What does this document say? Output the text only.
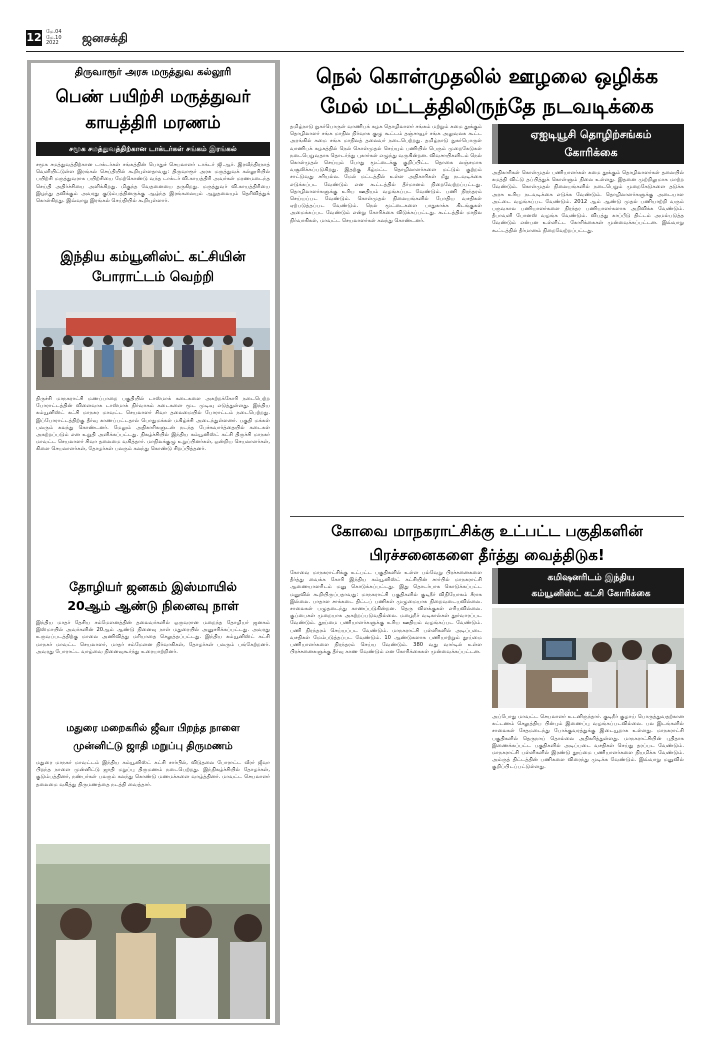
12 மே.04
மே.10
2022	ஜனசக்தி
திருவாரூர் அரசு மருத்துவ கல்லூரி
பெண் பயிற்சி மருத்துவர்
காயத்திரி மரணம்
சமூக சமத்துவத்திற்கான டாக்டர்கள் சங்கம் இரங்கல்
சமூக சமத்துவத்திற்கான டாக்டர்கள் சங்கத்தின் பொதுச் செயலாளர் டாக்டர் ஜி.ஆர். இரவீந்திரநாத் வெளியிட்டுள்ள இரங்கல் செய்தியில் கூறியுள்ளதாவது: திருவாரூர் அரசு மருத்துவக் கல்லூரியில் பயிற்சி மருத்துவராக பயிற்சியை மேற்கொண்டு வந்த டாக்டர் வி.காயத்திரி அவர்கள் மரணமடைந்த செய்தி அதிர்ச்சியை அளிக்கிறது. மிகுந்த வேதனையை தருகிறது. மருத்துவர் வி.காயத்திரியை இழந்து தவிக்கும் அவரது குடும்பத்தினருக்கு ஆழ்ந்த இரங்கலையும் ஆறுதலையும் தெரிவித்துக் கொள்கிறது. இவ்வாறு இரங்கல் செய்தியில் கூறியுள்ளார்.
இந்திய கம்யூனிஸ்ட் கட்சியின்
போராட்டம் வெற்றி
திருச்சி மாநகராட்சி மணப்பாறை பகுதியில் டாஸ்மாக் கடைகளை அகற்றக்கோரி நடைபெற்ற போராட்டத்தின் விளைவாக டாஸ்மாக் நிர்வாகம் கடைகளை மூட முடிவு எடுத்துள்ளது. இந்திய கம்யூனிஸ்ட் கட்சி மாநகர மாவட்ட செயலாளர் சிவா தலைமையில் போராட்டம் நடைபெற்றது. இப்போராட்டத்திற்கு தீர்வு காணப்பட்டதால் பொதுமக்கள் மகிழ்ச்சி அடைந்துள்ளனர். பகுதி மக்கள் பலரும் கலந்து கொண்டனர். மேலும் அதிகாரிகளுடன் நடந்த பேச்சுவார்த்தையில் கடைகள் அகற்றப்படும் என உறுதி அளிக்கப்பட்டது. நிகழ்ச்சியில் இந்திய கம்யூனிஸ்ட் கட்சி திருச்சி மாநகர் மாவட்ட செயலாளர் சிவா தலைமை வகித்தார். மாநிலக்குழு உறுப்பினர்கள், ஒன்றிய செயலாளர்கள், கிளை செயலாளர்கள், தோழர்கள் பலரும் கலந்து கொண்டு சிறப்பித்தனர்.
தோழியர் ஜனகம் இஸ்மாயில்
20ஆம் ஆண்டு நினைவு நாள்
இந்திய மாதர் தேசிய சம்மேளனத்தின் தலைவர்களில் ஒருவரான மறைந்த தோழியர் ஜனகம் இஸ்மாயில் அவர்களின் 20ஆம் ஆண்டு நினைவு நாள் மதுரையில் அனுசரிக்கப்பட்டது. அவரது உருவப்படத்திற்கு மாலை அணிவித்து மரியாதை செலுத்தப்பட்டது. இந்திய கம்யூனிஸ்ட் கட்சி மாநகர் மாவட்ட செயலாளர், மாதர் சம்மேளன நிர்வாகிகள், தோழர்கள் பலரும் பங்கேற்றனர். அவரது போராட்ட வாழ்வை நினைவுகூர்ந்து உரையாற்றினர்.
மதுரை மறைகரில் ஜீவா பிறந்த நாளை
முன்னிட்டு ஜாதி மறுப்பு திருமணம்
மதுரை மாநகர் மாவட்டம் இந்திய கம்யூனிஸ்ட் கட்சி சார்பில், விடுதலை போராட்ட வீரர் ஜீவா பிறந்த நாளை முன்னிட்டு ஜாதி மறுப்பு திருமணம் நடைபெற்றது. இந்நிகழ்ச்சியில் தோழர்கள், குடும்பத்தினர், நண்பர்கள் பலரும் கலந்து கொண்டு மணமக்களை வாழ்த்தினர். மாவட்ட செயலாளர் தலைமை வகித்து திருமணத்தை நடத்தி வைத்தார்.
நெல் கொள்முதலில் ஊழலை ஒழிக்க
மேல் மட்டத்திலிருந்தே நடவடிக்கை
தமிழ்நாடு நுகர்பொருள் வாணிபக் கழக தொழிலாளர் சங்கம் மற்றும் சுமை தூக்கும் தொழிலாளர் சங்க மாநில நிர்வாக குழு கூட்டம் தஞ்சாவூர் சங்க அலுவலக கூட்ட அரங்கில் சுமை சங்க மாநிலத் தலைவர் நடைபெற்றது. தமிழ்நாடு நுகர்பொருள் வாணிபக் கழகத்தில் நெல் கொள்முதல் செய்யும் பணியில் பெரும் முறைகேடுகள் நடைபெறுவதாக தொடர்ந்து புகார்கள் எழுந்து வருகின்றன. விவசாயிகளிடம் நெல் கொள்முதல் செய்யும் போது மூட்டைக்கு குறிப்பிட்ட தொகை லஞ்சமாக வசூலிக்கப்படுகிறது. இதற்கு கீழ்மட்ட தொழிலாளர்களை மட்டும் குற்றம் சாட்டுவது சரியல்ல. மேல் மட்டத்தில் உள்ள அதிகாரிகள் மீது நடவடிக்கை எடுக்கப்பட வேண்டும் என கூட்டத்தில் தீர்மானம் நிறைவேற்றப்பட்டது. தொழிலாளர்களுக்கு உரிய ஊதியம் வழங்கப்பட வேண்டும். பணி நிரந்தரம் செய்யப்பட வேண்டும். கொள்முதல் நிலையங்களில் போதிய வசதிகள் ஏற்படுத்தப்பட வேண்டும். நெல் மூட்டைகளை பாதுகாக்க கிடங்குகள் அமைக்கப்பட வேண்டும் என்று கோரிக்கை விடுக்கப்பட்டது. கூட்டத்தில் மாநில நிர்வாகிகள், மாவட்ட செயலாளர்கள் கலந்து கொண்டனர்.
ஏஐடியூசி தொழிற்சங்கம்
கோரிக்கை
அதிகாரிகள் கொள்முதல் பணியாளர்கள் சுமை தூக்கும் தொழிலாளர்கள் தலையில் சுமத்தி விட்டு தப்பித்துக் கொள்ளும் நிலை உள்ளது. இதனை முற்றிலுமாக மாற்ற வேண்டும். கொள்முதல் நிலையங்களில் நடைபெறும் முறைகேடுகளை தடுக்க அரசு உரிய நடவடிக்கை எடுக்க வேண்டும். தொழிலாளர்களுக்கு அடையாள அட்டை வழங்கப்பட வேண்டும். 2012 ஆம் ஆண்டு முதல் பணியாற்றி வரும் பருவகால பணியாளர்களை நிரந்தர பணியாளர்களாக அறிவிக்க வேண்டும். தீபாவளி போனஸ் வழங்க வேண்டும். விபத்து காப்பீடு திட்டம் அமல்படுத்த வேண்டும் என்பன உள்ளிட்ட கோரிக்கைகள் முன்வைக்கப்பட்டன. இவ்வாறு கூட்டத்தில் தீர்மானம் நிறைவேற்றப்பட்டது.
கோவை மாநகராட்சிக்கு உட்பட்ட பகுதிகளின்
பிரச்சனைகளை தீர்த்து வைத்திடுக!
கோவை மாநகராட்சிக்கு உட்பட்ட பகுதிகளில் உள்ள பல்வேறு பிரச்சனைகளை தீர்த்து வைக்க கோரி இந்திய கம்யூனிஸ்ட் கட்சியின் சார்பில் மாநகராட்சி ஆணையாளரிடம் மனு கொடுக்கப்பட்டது. இது தொடர்பாக கொடுக்கப்பட்ட மனுவில் கூறியிருப்பதாவது: மாநகராட்சி பகுதிகளில் குடிநீர் விநியோகம் சீராக இல்லை. பாதாள சாக்கடை திட்டப் பணிகள் முழுமையாக நிறைவடையவில்லை. சாலைகள் பழுதடைந்து காணப்படுகின்றன. தெரு விளக்குகள் எரியவில்லை. குப்பைகள் முறையாக அகற்றப்படுவதில்லை. மழைநீர் வடிகால்கள் தூர்வாரப்பட வேண்டும். தூய்மை பணியாளர்களுக்கு உரிய ஊதியம் வழங்கப்பட வேண்டும். பணி நிரந்தரம் செய்யப்பட வேண்டும். மாநகராட்சி பள்ளிகளில் அடிப்படை வசதிகள் மேம்படுத்தப்பட வேண்டும். 10 ஆண்டுகளாக பணியாற்றும் தூய்மை பணியாளர்களை நிரந்தரம் செய்ய வேண்டும். 380 வது வார்டில் உள்ள பிரச்சனைகளுக்கு தீர்வு காண வேண்டும் என கோரிக்கைகள் முன்வைக்கப்பட்டன.
கமிஷனரிடம் இந்திய
கம்யூனிஸ்ட் கட்சி கோரிக்கை
அப்போது மாவட்ட செயலாளர் உடனிருந்தார். குடிநீர் குழாய் பொருத்துவதற்கான கட்டணம் செலுத்திய பின்பும் இணைப்பு வழங்கப்படவில்லை. பல இடங்களில் சாலைகள் சேதமடைந்து போக்குவரத்துக்கு இடையூறாக உள்ளது. மாநகராட்சி பகுதிகளில் தெருநாய் தொல்லை அதிகரித்துள்ளது. மாநகராட்சியின் புதிதாக இணைக்கப்பட்ட பகுதிகளில் அடிப்படை வசதிகள் செய்து தரப்பட வேண்டும். மாநகராட்சி பள்ளிகளில் இரண்டு தூய்மை பணியாளர்களை நியமிக்க வேண்டும். அம்ருத் திட்டத்தின் பணிகளை விரைந்து முடிக்க வேண்டும். இவ்வாறு மனுவில் குறிப்பிடப்பட்டுள்ளது.
